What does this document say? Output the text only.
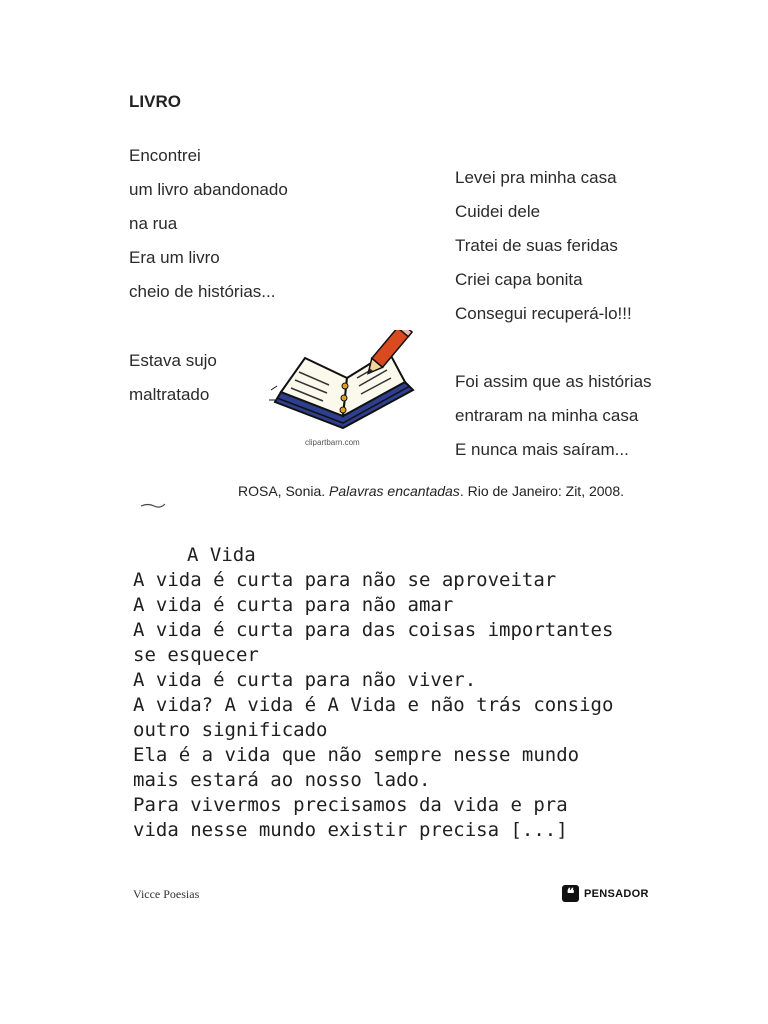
LIVRO
Encontrei
um livro abandonado
na rua
Era um livro
cheio de histórias...
Estava sujo
maltratado
Levei pra minha casa
Cuidei dele
Tratei de suas feridas
Criei capa bonita
Consegui recuperá-lo!!!
Foi assim que as histórias
entraram na minha casa
E nunca mais saíram...
clipartbarn.com
ROSA, Sonia. Palavras encantadas. Rio de Janeiro: Zit, 2008.
A Vida
A vida é curta para não se aproveitar
A vida é curta para não amar
A vida é curta para das coisas importantes
se esquecer
A vida é curta para não viver.
A vida? A vida é A Vida e não trás consigo
outro significado
Ela é a vida que não sempre nesse mundo
mais estará ao nosso lado.
Para vivermos precisamos da vida e pra
vida nesse mundo existir precisa [...]
Vicce Poesias	❝ PENSADOR
